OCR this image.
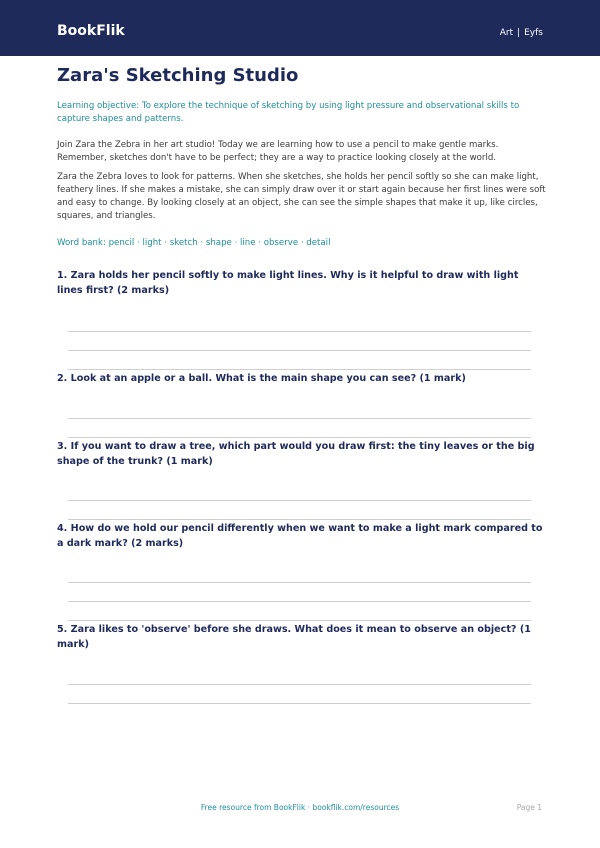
BookFlik	Art | Eyfs
Zara's Sketching Studio

Learning objective: To explore the technique of sketching by using light pressure and observational skills to capture shapes and patterns.

Join Zara the Zebra in her art studio! Today we are learning how to use a pencil to make gentle marks. Remember, sketches don't have to be perfect; they are a way to practice looking closely at the world.

Zara the Zebra loves to look for patterns. When she sketches, she holds her pencil softly so she can make light, feathery lines. If she makes a mistake, she can simply draw over it or start again because her first lines were soft and easy to change. By looking closely at an object, she can see the simple shapes that make it up, like circles, squares, and triangles.

Word bank: pencil · light · sketch · shape · line · observe · detail

1. Zara holds her pencil softly to make light lines. Why is it helpful to draw with light lines first? (2 marks)

2. Look at an apple or a ball. What is the main shape you can see? (1 mark)

3. If you want to draw a tree, which part would you draw first: the tiny leaves or the big shape of the trunk? (1 mark)

4. How do we hold our pencil differently when we want to make a light mark compared to a dark mark? (2 marks)

5. Zara likes to 'observe' before she draws. What does it mean to observe an object? (1 mark)

Free resource from BookFlik · bookflik.com/resources	Page 1
